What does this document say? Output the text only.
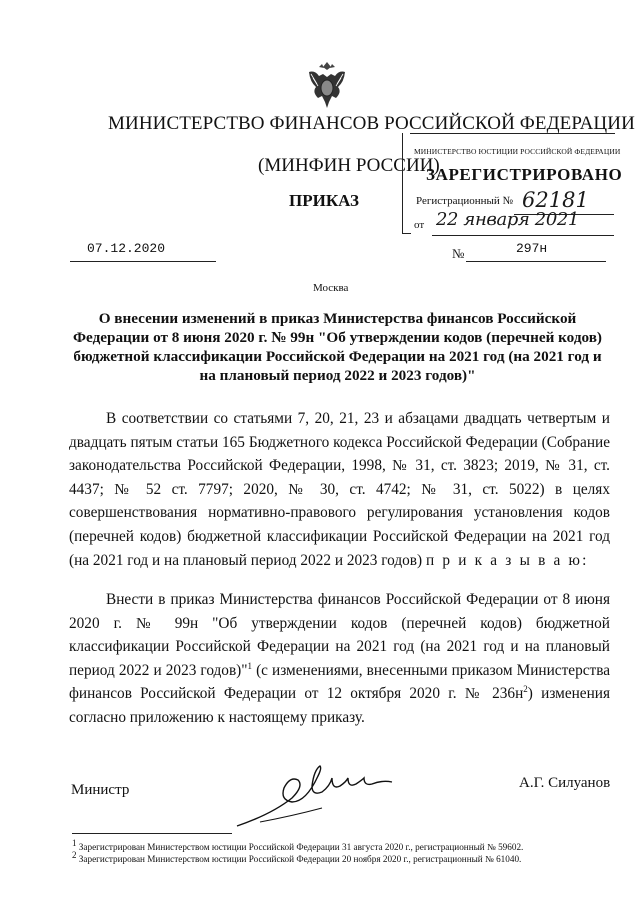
МИНИСТЕРСТВО ФИНАНСОВ РОССИЙСКОЙ ФЕДЕРАЦИИ
(МИНФИН РОССИИ)
ПРИКАЗ
МИНИСТЕРСТВО ЮСТИЦИИ РОССИЙСКОЙ ФЕДЕРАЦИИ
ЗАРЕГИСТРИРОВАНО
Регистрационный № 62181
от 22 января 2021
07.12.2020	№	297н
Москва
О внесении изменений в приказ Министерства финансов Российской Федерации от 8 июня 2020 г. № 99н "Об утверждении кодов (перечней кодов) бюджетной классификации Российской Федерации на 2021 год (на 2021 год и на плановый период 2022 и 2023 годов)"
В соответствии со статьями 7, 20, 21, 23 и абзацами двадцать четвертым и двадцать пятым статьи 165 Бюджетного кодекса Российской Федерации (Собрание законодательства Российской Федерации, 1998, № 31, ст. 3823; 2019, № 31, ст. 4437; № 52 ст. 7797; 2020, № 30, ст. 4742; № 31, ст. 5022) в целях совершенствования нормативно-правового регулирования установления кодов (перечней кодов) бюджетной классификации Российской Федерации на 2021 год (на 2021 год и на плановый период 2022 и 2023 годов) п р и к а з ы в а ю:
Внести в приказ Министерства финансов Российской Федерации от 8 июня 2020 г. № 99н "Об утверждении кодов (перечней кодов) бюджетной классификации Российской Федерации на 2021 год (на 2021 год и на плановый период 2022 и 2023 годов)"$^1$ (с изменениями, внесенными приказом Министерства финансов Российской Федерации от 12 октября 2020 г. № $236н^2$) изменения согласно приложению к настоящему приказу.
Министр	А.Г. Силуанов
$^1$ Зарегистрирован Министерством юстиции Российской Федерации 31 августа 2020 г., регистрационный № 59602.
$^2$ Зарегистрирован Министерством юстиции Российской Федерации 20 ноября 2020 г., регистрационный № 61040.
